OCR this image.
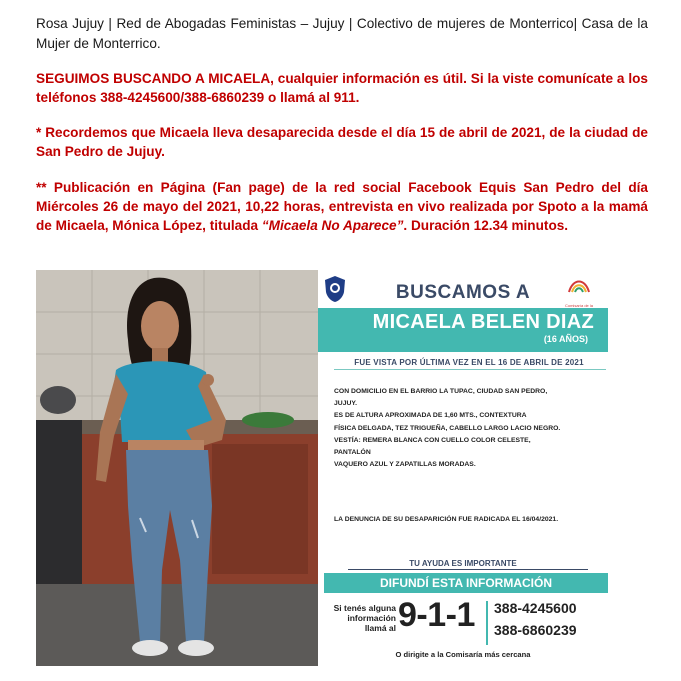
Rosa Jujuy | Red de Abogadas Feministas – Jujuy | Colectivo de mujeres de Monterrico| Casa de la Mujer de Monterrico.
SEGUIMOS BUSCANDO A MICAELA, cualquier información es útil. Si la viste comunícate a los teléfonos 388-4245600/388-6860239 o llamá al 911.
* Recordemos que Micaela lleva desaparecida desde el día 15 de abril de 2021, de la ciudad de San Pedro de Jujuy.
** Publicación en Página (Fan page) de la red social Facebook Equis San Pedro del día Miércoles 26 de mayo del 2021, 10,22 horas, entrevista en vivo realizada por Spoto a la mamá de Micaela, Mónica López, titulada “Micaela No Aparece”. Duración 12.34 minutos.
Comisaría de la
BUSCAMOS A
MICAELA BELEN DIAZ
(16 AÑOS)
FUE VISTA POR ÚLTIMA VEZ EN EL 16 DE ABRIL DE 2021
CON DOMICILIO EN EL BARRIO LA TUPAC, CIUDAD SAN PEDRO,
JUJUY.
ES DE ALTURA APROXIMADA DE 1,60 MTS., CONTEXTURA
FÍSICA DELGADA, TEZ TRIGUEÑA, CABELLO LARGO LACIO NEGRO.
VESTÍA: REMERA BLANCA CON CUELLO COLOR CELESTE,
PANTALÓN
VAQUERO AZUL Y ZAPATILLAS MORADAS.
LA DENUNCIA DE SU DESAPARICIÓN FUE RADICADA EL 16/04/2021.
TU AYUDA ES IMPORTANTE
DIFUNDÍ ESTA INFORMACIÓN
Si tenés alguna
información
llamá al 9-1-1 388-4245600
388-6860239
O dirigite a la Comisaría más cercana
